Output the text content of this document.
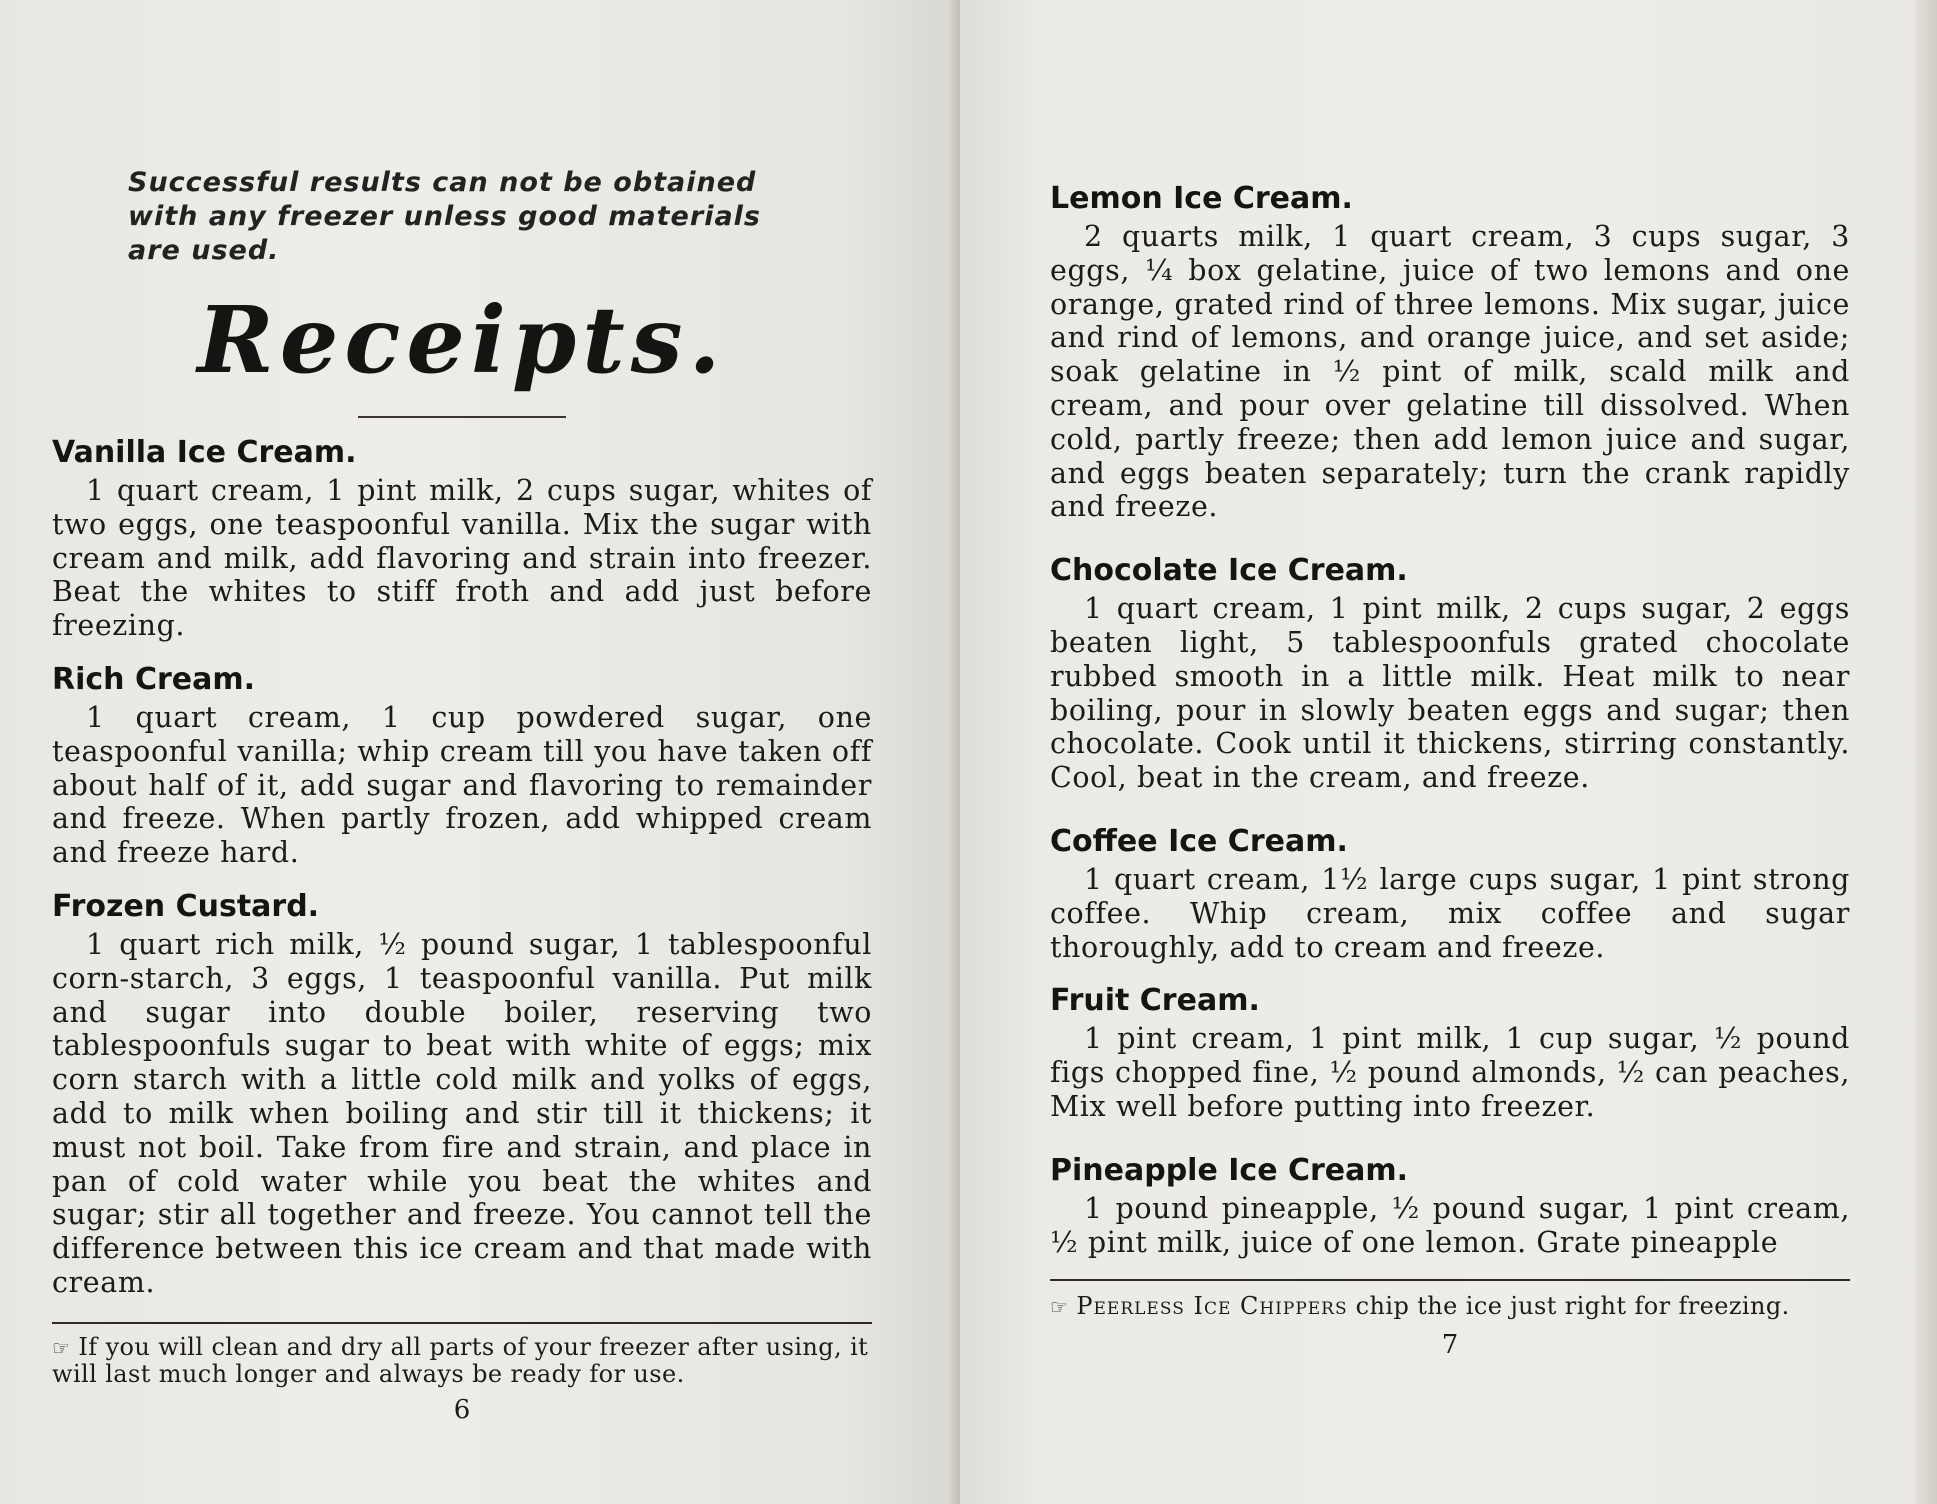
Successful results can not be obtained with any freezer unless good materials are used.
Receipts.
Vanilla Ice Cream.
1 quart cream, 1 pint milk, 2 cups sugar, whites of two eggs, one teaspoonful vanilla. Mix the sugar with cream and milk, add flavoring and strain into freezer. Beat the whites to stiff froth and add just before freezing.
Rich Cream.
1 quart cream, 1 cup powdered sugar, one teaspoonful vanilla; whip cream till you have taken off about half of it, add sugar and flavoring to remainder and freeze. When partly frozen, add whipped cream and freeze hard.
Frozen Custard.
1 quart rich milk, ½ pound sugar, 1 tablespoonful corn-starch, 3 eggs, 1 teaspoonful vanilla. Put milk and sugar into double boiler, reserving two tablespoonfuls sugar to beat with white of eggs; mix corn starch with a little cold milk and yolks of eggs, add to milk when boiling and stir till it thickens; it must not boil. Take from fire and strain, and place in pan of cold water while you beat the whites and sugar; stir all together and freeze. You cannot tell the difference between this ice cream and that made with cream.
☞ If you will clean and dry all parts of your freezer after using, it will last much longer and always be ready for use.
6
Lemon Ice Cream.
2 quarts milk, 1 quart cream, 3 cups sugar, 3 eggs, ¼ box gelatine, juice of two lemons and one orange, grated rind of three lemons. Mix sugar, juice and rind of lemons, and orange juice, and set aside; soak gelatine in ½ pint of milk, scald milk and cream, and pour over gelatine till dissolved. When cold, partly freeze; then add lemon juice and sugar, and eggs beaten separately; turn the crank rapidly and freeze.
Chocolate Ice Cream.
1 quart cream, 1 pint milk, 2 cups sugar, 2 eggs beaten light, 5 tablespoonfuls grated chocolate rubbed smooth in a little milk. Heat milk to near boiling, pour in slowly beaten eggs and sugar; then chocolate. Cook until it thickens, stirring constantly. Cool, beat in the cream, and freeze.
Coffee Ice Cream.
1 quart cream, 1½ large cups sugar, 1 pint strong coffee. Whip cream, mix coffee and sugar thoroughly, add to cream and freeze.
Fruit Cream.
1 pint cream, 1 pint milk, 1 cup sugar, ½ pound figs chopped fine, ½ pound almonds, ½ can peaches, Mix well before putting into freezer.
Pineapple Ice Cream.
1 pound pineapple, ½ pound sugar, 1 pint cream, ½ pint milk, juice of one lemon. Grate pineapple
☞ Peerless Ice Chippers chip the ice just right for freezing.
7
